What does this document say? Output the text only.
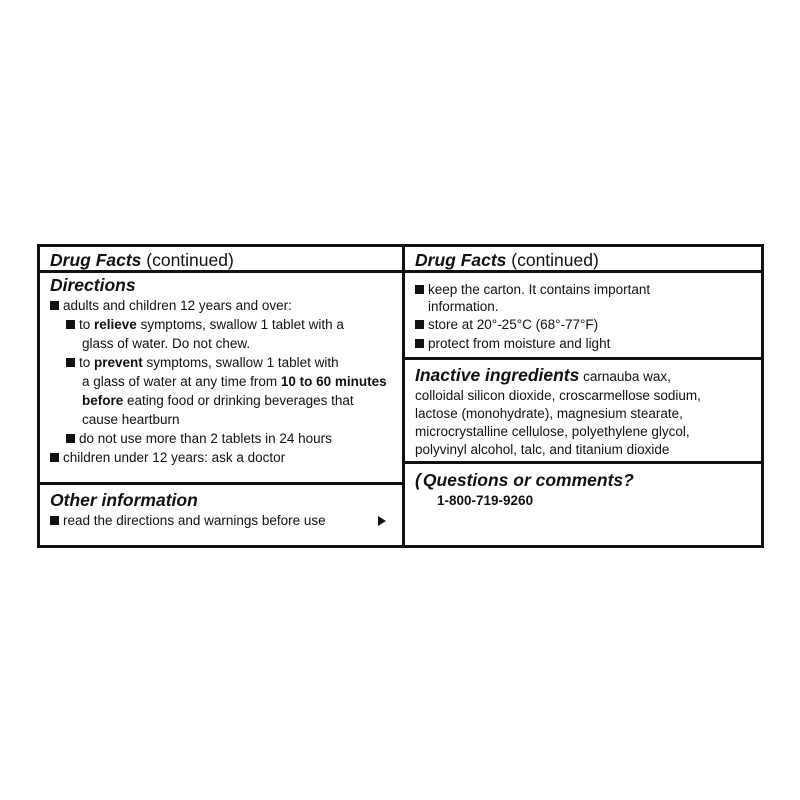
Drug Facts (continued)
Directions
adults and children 12 years and over:
to relieve symptoms, swallow 1 tablet with a
glass of water. Do not chew.
to prevent symptoms, swallow 1 tablet with
a glass of water at any time from 10 to 60 minutes
before eating food or drinking beverages that
cause heartburn
do not use more than 2 tablets in 24 hours
children under 12 years: ask a doctor
Other information
read the directions and warnings before use
Drug Facts (continued)
keep the carton. It contains important
information.
store at 20°-25°C (68°-77°F)
protect from moisture and light
Inactive ingredients carnauba wax,
colloidal silicon dioxide, croscarmellose sodium,
lactose (monohydrate), magnesium stearate,
microcrystalline cellulose, polyethylene glycol,
polyvinyl alcohol, talc, and titanium dioxide
( Questions or comments?
1-800-719-9260
